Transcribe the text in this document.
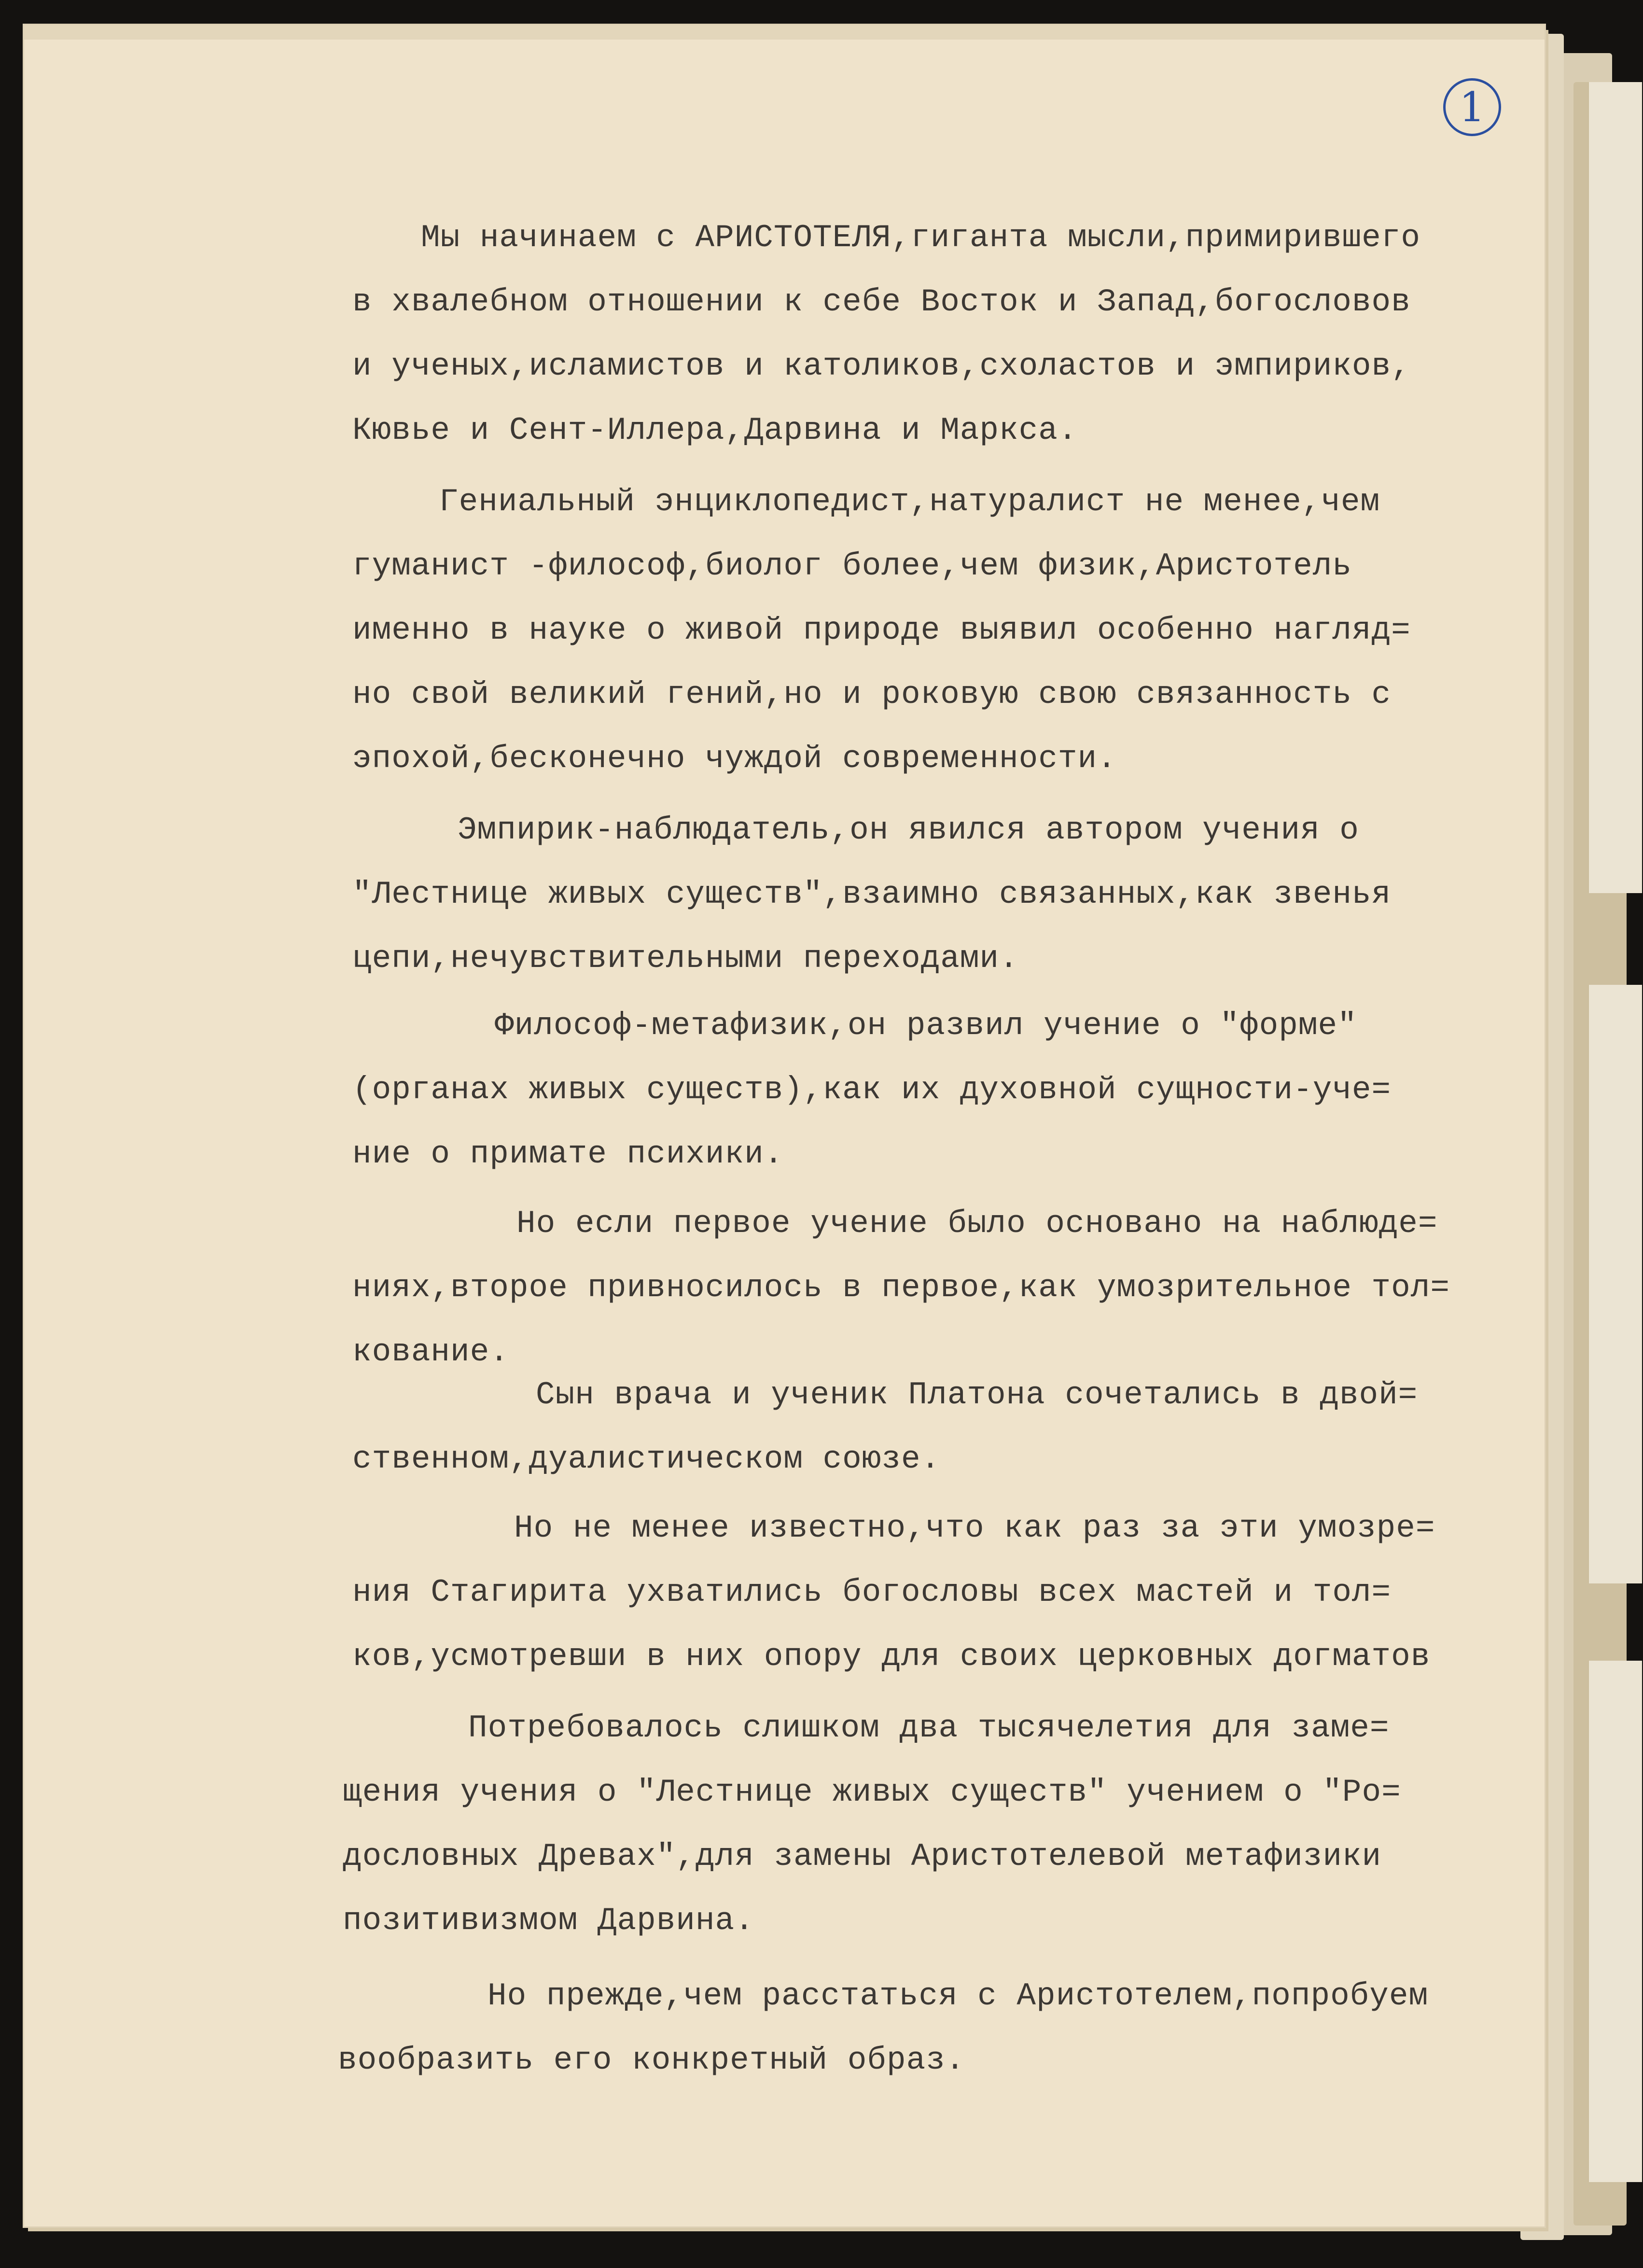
1
Мы начинаем с АРИСТОТЕЛЯ,гиганта мысли,примирившего
в хвалебном отношении к себе Восток и Запад,богословов
и ученых,исламистов и католиков,схоластов и эмпириков,
Кювье и Сент-Иллера,Дарвина и Маркса.
Гениальный энциклопедист,натуралист не менее,чем
гуманист -философ,биолог более,чем физик,Аристотель
именно в науке о живой природе выявил особенно нагляд=
но свой великий гений,но и роковую свою связанность с
эпохой,бесконечно чуждой современности.
Эмпирик-наблюдатель,он явился автором учения о
"Лестнице живых существ",взаимно связанных,как звенья
цепи,нечувствительными переходами.
Философ-метафизик,он развил учение о "форме"
(органах живых существ),как их духовной сущности-уче=
ние о примате психики.
Но если первое учение было основано на наблюде=
ниях,второе привносилось в первое,как умозрительное тол=
кование.
Сын врача и ученик Платона сочетались в двой=
ственном,дуалистическом союзе.
Но не менее известно,что как раз за эти умозре=
ния Стагирита ухватились богословы всех мастей и тол=
ков,усмотревши в них опору для своих церковных догматов
Потребовалось слишком два тысячелетия для заме=
щения учения о "Лестнице живых существ" учением о "Ро=
дословных Древах",для замены Аристотелевой метафизики
позитивизмом Дарвина.
Но прежде,чем расстаться с Аристотелем,попробуем
вообразить его конкретный образ.
